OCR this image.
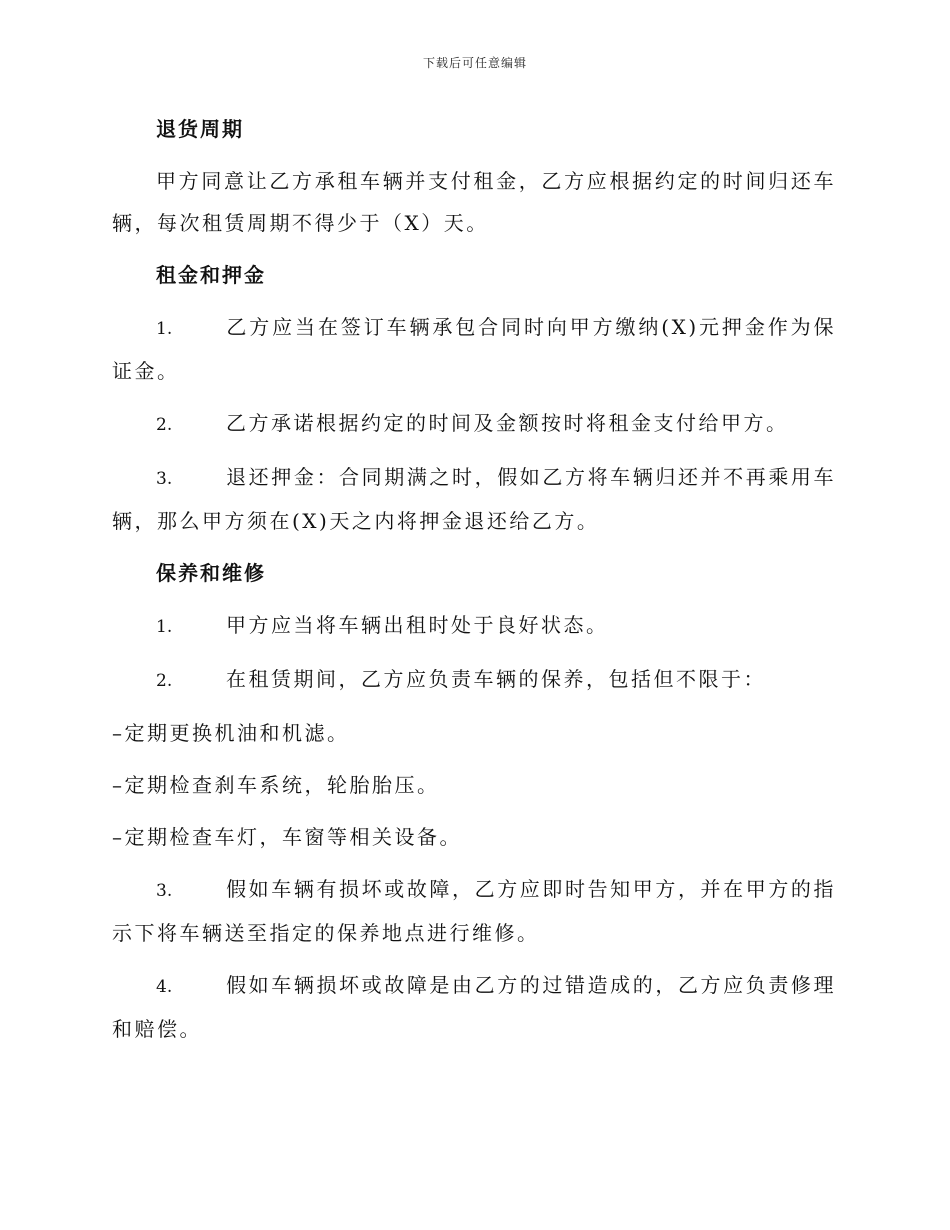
下载后可任意编辑
退货周期

甲方同意让乙方承租车辆并支付租金，乙方应根据约定的时间归还车辆，每次租赁周期不得少于（X）天。

租金和押金

1.	乙方应当在签订车辆承包合同时向甲方缴纳(X)元押金作为保证金。

2.	乙方承诺根据约定的时间及金额按时将租金支付给甲方。

3.	退还押金：合同期满之时，假如乙方将车辆归还并不再乘用车辆，那么甲方须在(X)天之内将押金退还给乙方。

保养和维修

1.	甲方应当将车辆出租时处于良好状态。

2.	在租赁期间，乙方应负责车辆的保养，包括但不限于：

–定期更换机油和机滤。

–定期检查刹车系统，轮胎胎压。

–定期检查车灯，车窗等相关设备。

3.	假如车辆有损坏或故障，乙方应即时告知甲方，并在甲方的指示下将车辆送至指定的保养地点进行维修。

4.	假如车辆损坏或故障是由乙方的过错造成的，乙方应负责修理和赔偿。
